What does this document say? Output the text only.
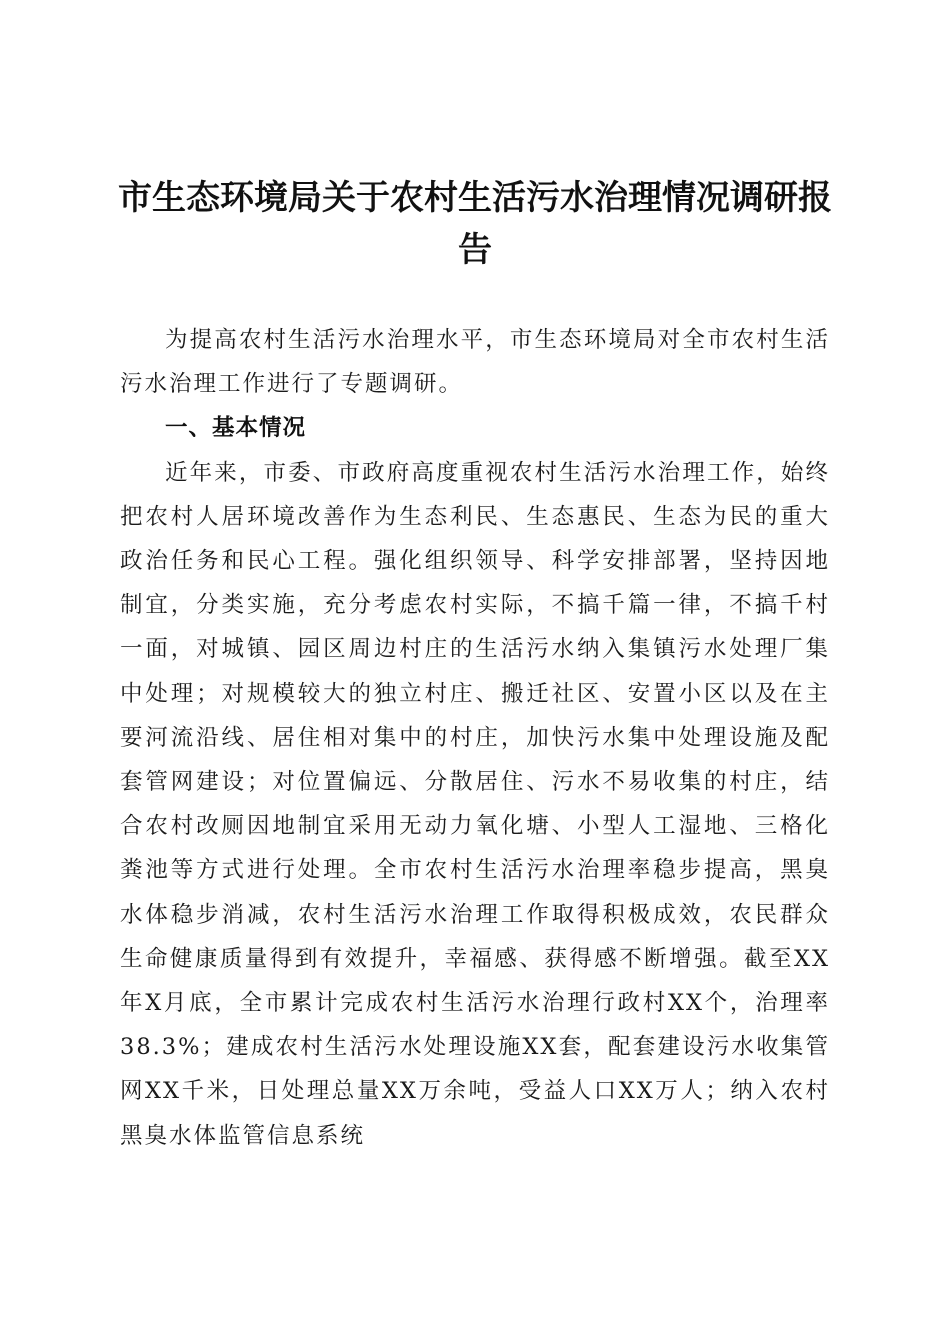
市生态环境局关于农村生活污水治理情况调研报告

为提高农村生活污水治理水平，市生态环境局对全市农村生活污水治理工作进行了专题调研。

一、基本情况

近年来，市委、市政府高度重视农村生活污水治理工作，始终把农村人居环境改善作为生态利民、生态惠民、生态为民的重大政治任务和民心工程。强化组织领导、科学安排部署，坚持因地制宜，分类实施，充分考虑农村实际，不搞千篇一律，不搞千村一面，对城镇、园区周边村庄的生活污水纳入集镇污水处理厂集中处理；对规模较大的独立村庄、搬迁社区、安置小区以及在主要河流沿线、居住相对集中的村庄，加快污水集中处理设施及配套管网建设；对位置偏远、分散居住、污水不易收集的村庄，结合农村改厕因地制宜采用无动力氧化塘、小型人工湿地、三格化粪池等方式进行处理。全市农村生活污水治理率稳步提高，黑臭水体稳步消减，农村生活污水治理工作取得积极成效，农民群众生命健康质量得到有效提升，幸福感、获得感不断增强。截至XX年X月底，全市累计完成农村生活污水治理行政村XX个，治理率38.3%；建成农村生活污水处理设施XX套，配套建设污水收集管网XX千米，日处理总量XX万余吨，受益人口XX万人；纳入农村黑臭水体监管信息系统
